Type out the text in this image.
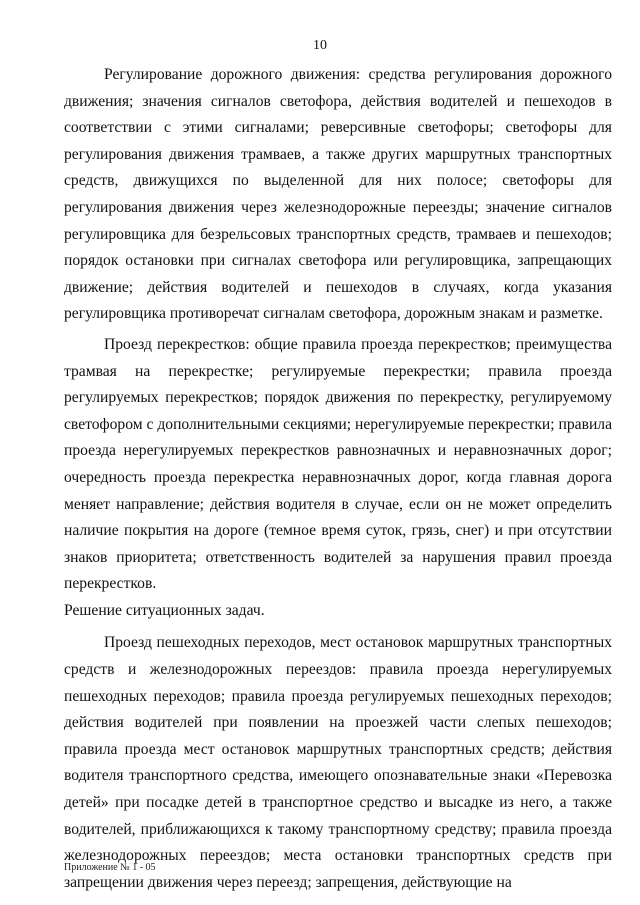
10

Регулирование дорожного движения: средства регулирования дорожного движения; значения сигналов светофора, действия водителей и пешеходов в соответствии с этими сигналами; реверсивные светофоры; светофоры для регулирования движения трамваев, а также других маршрутных транспортных средств, движущихся по выделенной для них полосе; светофоры для регулирования движения через железнодорожные переезды; значение сигналов регулировщика для безрельсовых транспортных средств, трамваев и пешеходов; порядок остановки при сигналах светофора или регулировщика, запрещающих движение; действия водителей и пешеходов в случаях, когда указания регулировщика противоречат сигналам светофора, дорожным знакам и разметке.

Проезд перекрестков: общие правила проезда перекрестков; преимущества трамвая на перекрестке; регулируемые перекрестки; правила проезда регулируемых перекрестков; порядок движения по перекрестку, регулируемому светофором с дополнительными секциями; нерегулируемые перекрестки; правила проезда нерегулируемых перекрестков равнозначных и неравнозначных дорог; очередность проезда перекрестка неравнозначных дорог, когда главная дорога меняет направление; действия водителя в случае, если он не может определить наличие покрытия на дороге (темное время суток, грязь, снег) и при отсутствии знаков приоритета; ответственность водителей за нарушения правил проезда перекрестков.

Решение ситуационных задач.

Проезд пешеходных переходов, мест остановок маршрутных транспортных средств и железнодорожных переездов: правила проезда нерегулируемых пешеходных переходов; правила проезда регулируемых пешеходных переходов; действия водителей при появлении на проезжей части слепых пешеходов; правила проезда мест остановок маршрутных транспортных средств; действия водителя транспортного средства, имеющего опознавательные знаки «Перевозка детей» при посадке детей в транспортное средство и высадке из него, а также водителей, приближающихся к такому транспортному средству; правила проезда железнодорожных переездов; места остановки транспортных средств при запрещении движения через переезд; запрещения, действующие на

Приложение № 1 - 05
